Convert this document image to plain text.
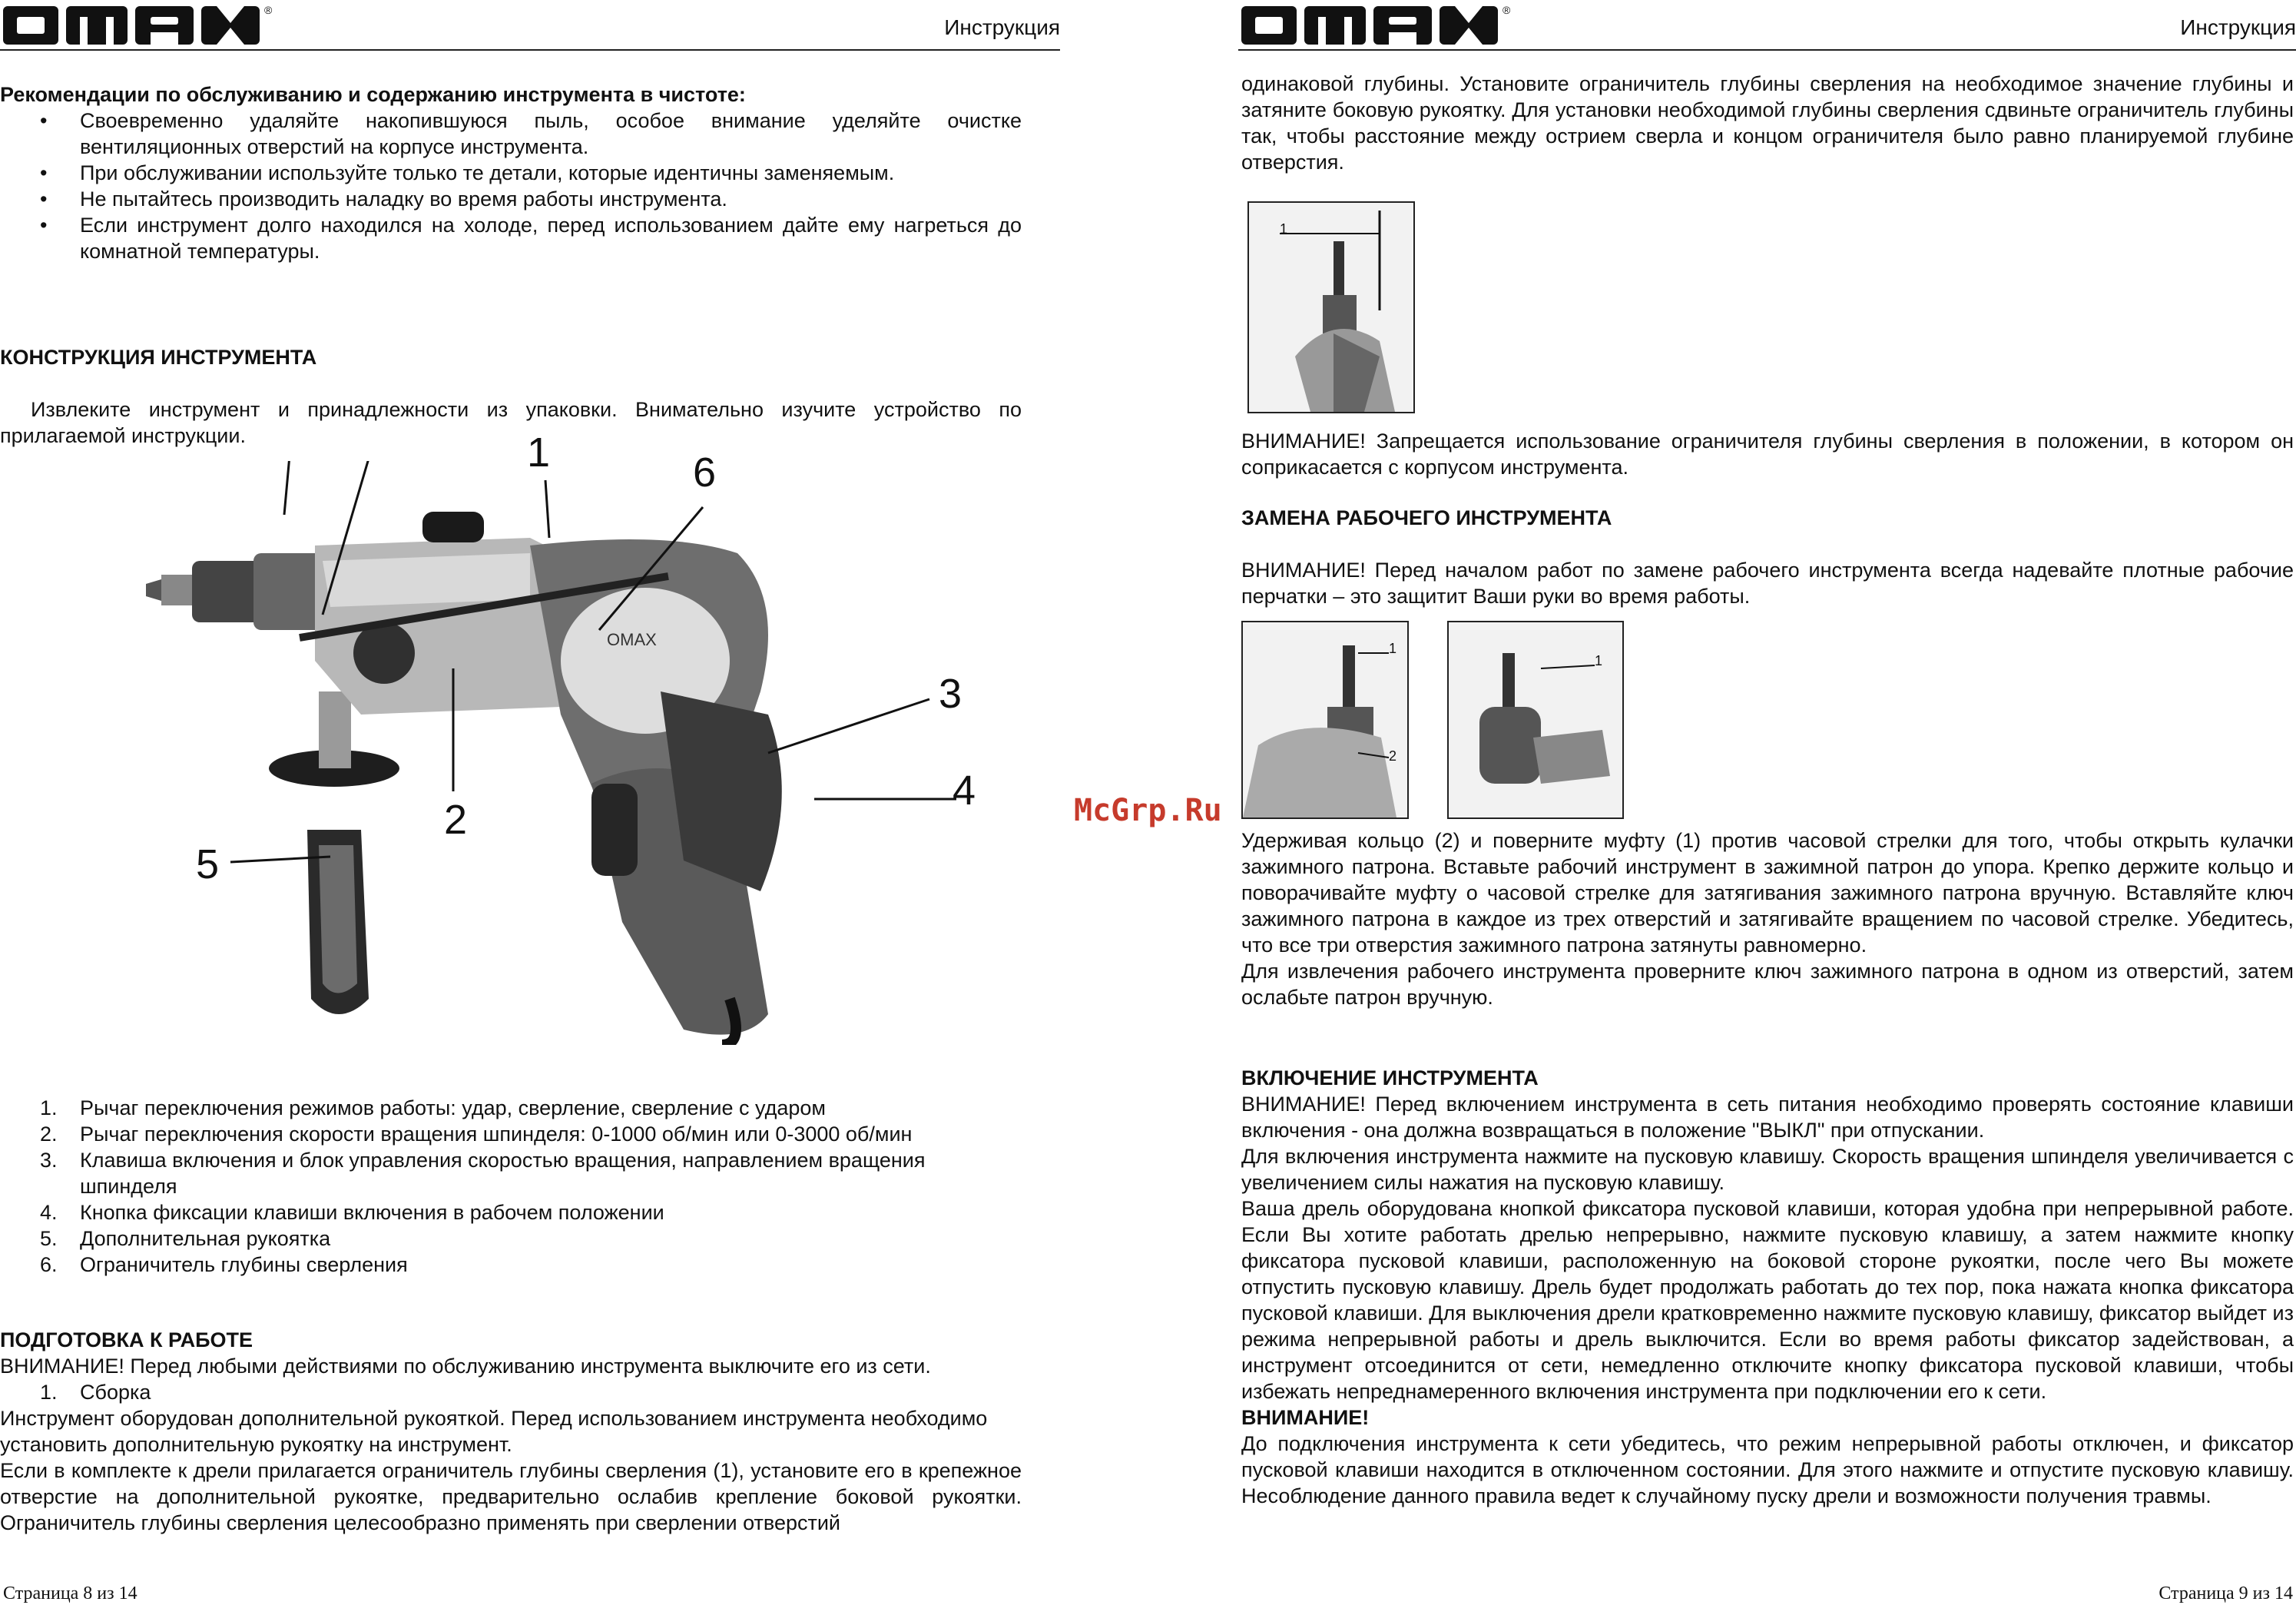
®
Инструкция

Рекомендации по обслуживанию и содержанию инструмента в чистоте:

• Своевременно удаляйте накопившуюся пыль, особое внимание уделяйте очистке вентиляционных отверстий на корпусе инструмента.
• При обслуживании используйте только те детали, которые идентичны заменяемым.
• Не пытайтесь производить наладку во время работы инструмента.
• Если инструмент долго находился на холоде, перед использованием дайте ему нагреться до комнатной температуры.

КОНСТРУКЦИЯ ИНСТРУМЕНТА

Извлеките инструмент и принадлежности из упаковки. Внимательно изучите устройство по прилагаемой инструкции.

OMAX
1	6
3
4
2
5
1. Рычаг переключения режимов работы: удар, сверление, сверление с ударом
2. Рычаг переключения скорости вращения шпинделя: 0-1000 об/мин или 0-3000 об/мин
3. Клавиша включения и блок управления скоростью вращения, направлением вращения шпинделя
4. Кнопка фиксации клавиши включения в рабочем положении
5. Дополнительная рукоятка
6. Ограничитель глубины сверления

ПОДГОТОВКА К РАБОТЕ

ВНИМАНИЕ! Перед любыми действиями по обслуживанию инструмента выключите его из сети.

1. Сборка

Инструмент оборудован дополнительной рукояткой. Перед использованием инструмента необходимо установить дополнительную рукоятку на инструмент.

Если в комплекте к дрели прилагается ограничитель глубины сверления (1), установите его в крепежное отверстие на дополнительной рукоятке, предварительно ослабив крепление боковой рукоятки. Ограничитель глубины сверления целесообразно применять при сверлении отверстий

Страница 8 из 14
McGrp.Ru
®
Инструкция
одинаковой глубины. Установите ограничитель глубины сверления на необходимое значение глубины и затяните боковую рукоятку. Для установки необходимой глубины сверления сдвиньте ограничитель глубины так, чтобы расстояние между острием сверла и концом ограничителя было равно планируемой глубине отверстия.
1
ВНИМАНИЕ! Запрещается использование ограничителя глубины сверления в положении, в котором он соприкасается с корпусом инструмента.

ЗАМЕНА РАБОЧЕГО ИНСТРУМЕНТА

ВНИМАНИЕ! Перед началом работ по замене рабочего инструмента всегда надевайте плотные рабочие перчатки – это защитит Ваши руки во время работы.

1
2
1

Удерживая кольцо (2) и поверните муфту (1) против часовой стрелки для того, чтобы открыть кулачки зажимного патрона. Вставьте рабочий инструмент в зажимной патрон до упора. Крепко держите кольцо и поворачивайте муфту о часовой стрелке для затягивания зажимного патрона вручную. Вставляйте ключ зажимного патрона в каждое из трех отверстий и затягивайте вращением по часовой стрелке. Убедитесь, что все три отверстия зажимного патрона затянуты равномерно.

Для извлечения рабочего инструмента проверните ключ зажимного патрона в одном из отверстий, затем ослабьте патрон вручную.

ВКЛЮЧЕНИЕ ИНСТРУМЕНТА

ВНИМАНИЕ! Перед включением инструмента в сеть питания необходимо проверять состояние клавиши включения - она должна возвращаться в положение "ВЫКЛ" при отпускании.

Для включения инструмента нажмите на пусковую клавишу. Скорость вращения шпинделя увеличивается с увеличением силы нажатия на пусковую клавишу.

Ваша дрель оборудована кнопкой фиксатора пусковой клавиши, которая удобна при непрерывной работе. Если Вы хотите работать дрелью непрерывно, нажмите пусковую клавишу, а затем нажмите кнопку фиксатора пусковой клавиши, расположенную на боковой стороне рукоятки, после чего Вы можете отпустить пусковую клавишу. Дрель будет продолжать работать до тех пор, пока нажата кнопка фиксатора пусковой клавиши. Для выключения дрели кратковременно нажмите пусковую клавишу, фиксатор выйдет из режима непрерывной работы и дрель выключится. Если во время работы фиксатор задействован, а инструмент отсоединится от сети, немедленно отключите кнопку фиксатора пусковой клавиши, чтобы избежать непреднамеренного включения инструмента при подключении его к сети.

ВНИМАНИЕ!

До подключения инструмента к сети убедитесь, что режим непрерывной работы отключен, и фиксатор пусковой клавиши находится в отключенном состоянии. Для этого нажмите и отпустите пусковую клавишу. Несоблюдение данного правила ведет к случайному пуску дрели и возможности получения травмы.

Страница 9 из 14
